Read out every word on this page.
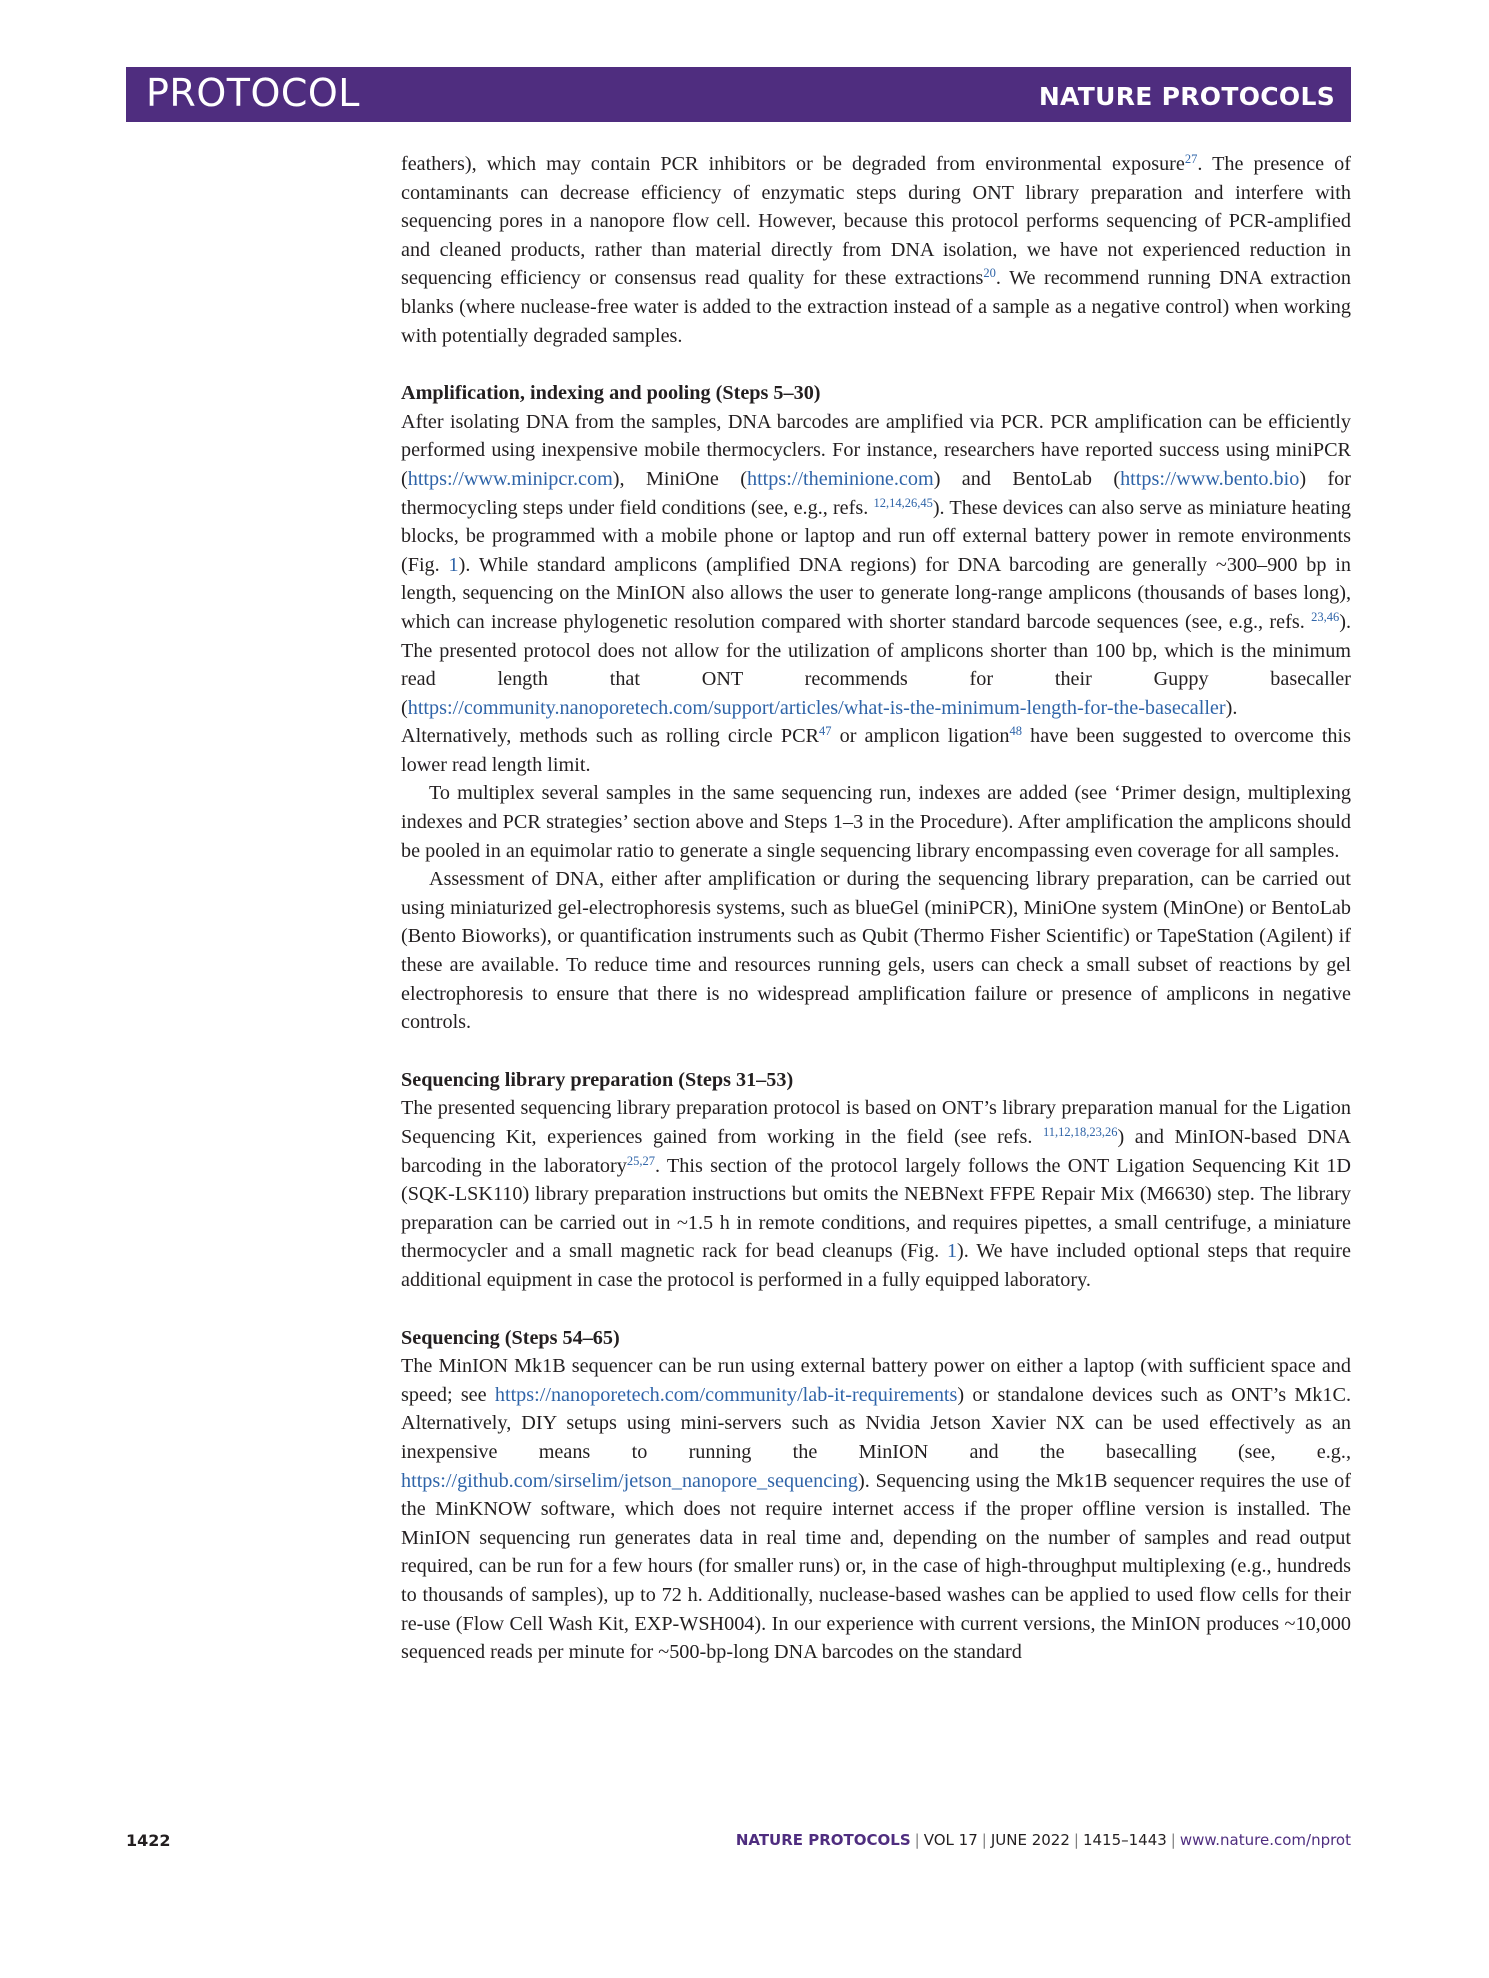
PROTOCOL	NATURE PROTOCOLS

feathers), which may contain PCR inhibitors or be degraded from environmental exposure$^{27}$. The presence of contaminants can decrease efficiency of enzymatic steps during ONT library preparation and interfere with sequencing pores in a nanopore flow cell. However, because this protocol performs sequencing of PCR-amplified and cleaned products, rather than material directly from DNA isolation, we have not experienced reduction in sequencing efficiency or consensus read quality for these extractions$^{20}$. We recommend running DNA extraction blanks (where nuclease-free water is added to the extraction instead of a sample as a negative control) when working with potentially degraded samples.

Amplification, indexing and pooling (Steps 5–30)

After isolating DNA from the samples, DNA barcodes are amplified via PCR. PCR amplification can be efficiently performed using inexpensive mobile thermocyclers. For instance, researchers have reported success using miniPCR (https://www.minipcr.com), MiniOne (https://theminione.com) and BentoLab (https://www.bento.bio) for thermocycling steps under field conditions (see, e.g., refs. $^{12,14,26,45}$). These devices can also serve as miniature heating blocks, be programmed with a mobile phone or laptop and run off external battery power in remote environments (Fig. 1). While standard amplicons (amplified DNA regions) for DNA barcoding are generally ~300–900 bp in length, sequencing on the MinION also allows the user to generate long-range amplicons (thousands of bases long), which can increase phylogenetic resolution compared with shorter standard barcode sequences (see, e.g., refs. $^{23,46}$). The presented protocol does not allow for the utilization of amplicons shorter than 100 bp, which is the minimum read length that ONT recommends for their Guppy basecaller (https://community.nanoporetech.com/support/articles/what-is-the-minimum-length-for-the-basecaller). Alternatively, methods such as rolling circle PCR$^{47}$ or amplicon ligation$^{48}$ have been suggested to overcome this lower read length limit.

To multiplex several samples in the same sequencing run, indexes are added (see ‘Primer design, multiplexing indexes and PCR strategies’ section above and Steps 1–3 in the Procedure). After amplification the amplicons should be pooled in an equimolar ratio to generate a single sequencing library encompassing even coverage for all samples.

Assessment of DNA, either after amplification or during the sequencing library preparation, can be carried out using miniaturized gel-electrophoresis systems, such as blueGel (miniPCR), MiniOne system (MinOne) or BentoLab (Bento Bioworks), or quantification instruments such as Qubit (Thermo Fisher Scientific) or TapeStation (Agilent) if these are available. To reduce time and resources running gels, users can check a small subset of reactions by gel electrophoresis to ensure that there is no widespread amplification failure or presence of amplicons in negative controls.

Sequencing library preparation (Steps 31–53)

The presented sequencing library preparation protocol is based on ONT’s library preparation manual for the Ligation Sequencing Kit, experiences gained from working in the field (see refs. $^{11,12,18,23,26}$) and MinION-based DNA barcoding in the laboratory$^{25,27}$. This section of the protocol largely follows the ONT Ligation Sequencing Kit 1D (SQK-LSK110) library preparation instructions but omits the NEBNext FFPE Repair Mix (M6630) step. The library preparation can be carried out in ~1.5 h in remote conditions, and requires pipettes, a small centrifuge, a miniature thermocycler and a small magnetic rack for bead cleanups (Fig. 1). We have included optional steps that require additional equipment in case the protocol is performed in a fully equipped laboratory.

Sequencing (Steps 54–65)

The MinION Mk1B sequencer can be run using external battery power on either a laptop (with sufficient space and speed; see https://nanoporetech.com/community/lab-it-requirements) or standalone devices such as ONT’s Mk1C. Alternatively, DIY setups using mini-servers such as Nvidia Jetson Xavier NX can be used effectively as an inexpensive means to running the MinION and the basecalling (see, e.g., https://github.com/sirselim/jetson_nanopore_sequencing). Sequencing using the Mk1B sequencer requires the use of the MinKNOW software, which does not require internet access if the proper offline version is installed. The MinION sequencing run generates data in real time and, depending on the number of samples and read output required, can be run for a few hours (for smaller runs) or, in the case of high-throughput multiplexing (e.g., hundreds to thousands of samples), up to 72 h. Additionally, nuclease-based washes can be applied to used flow cells for their re-use (Flow Cell Wash Kit, EXP-WSH004). In our experience with current versions, the MinION produces ~10,000 sequenced reads per minute for ~500-bp-long DNA barcodes on the standard

1422	NATURE PROTOCOLS | VOL 17 | JUNE 2022 | 1415–1443 | www.nature.com/nprot
